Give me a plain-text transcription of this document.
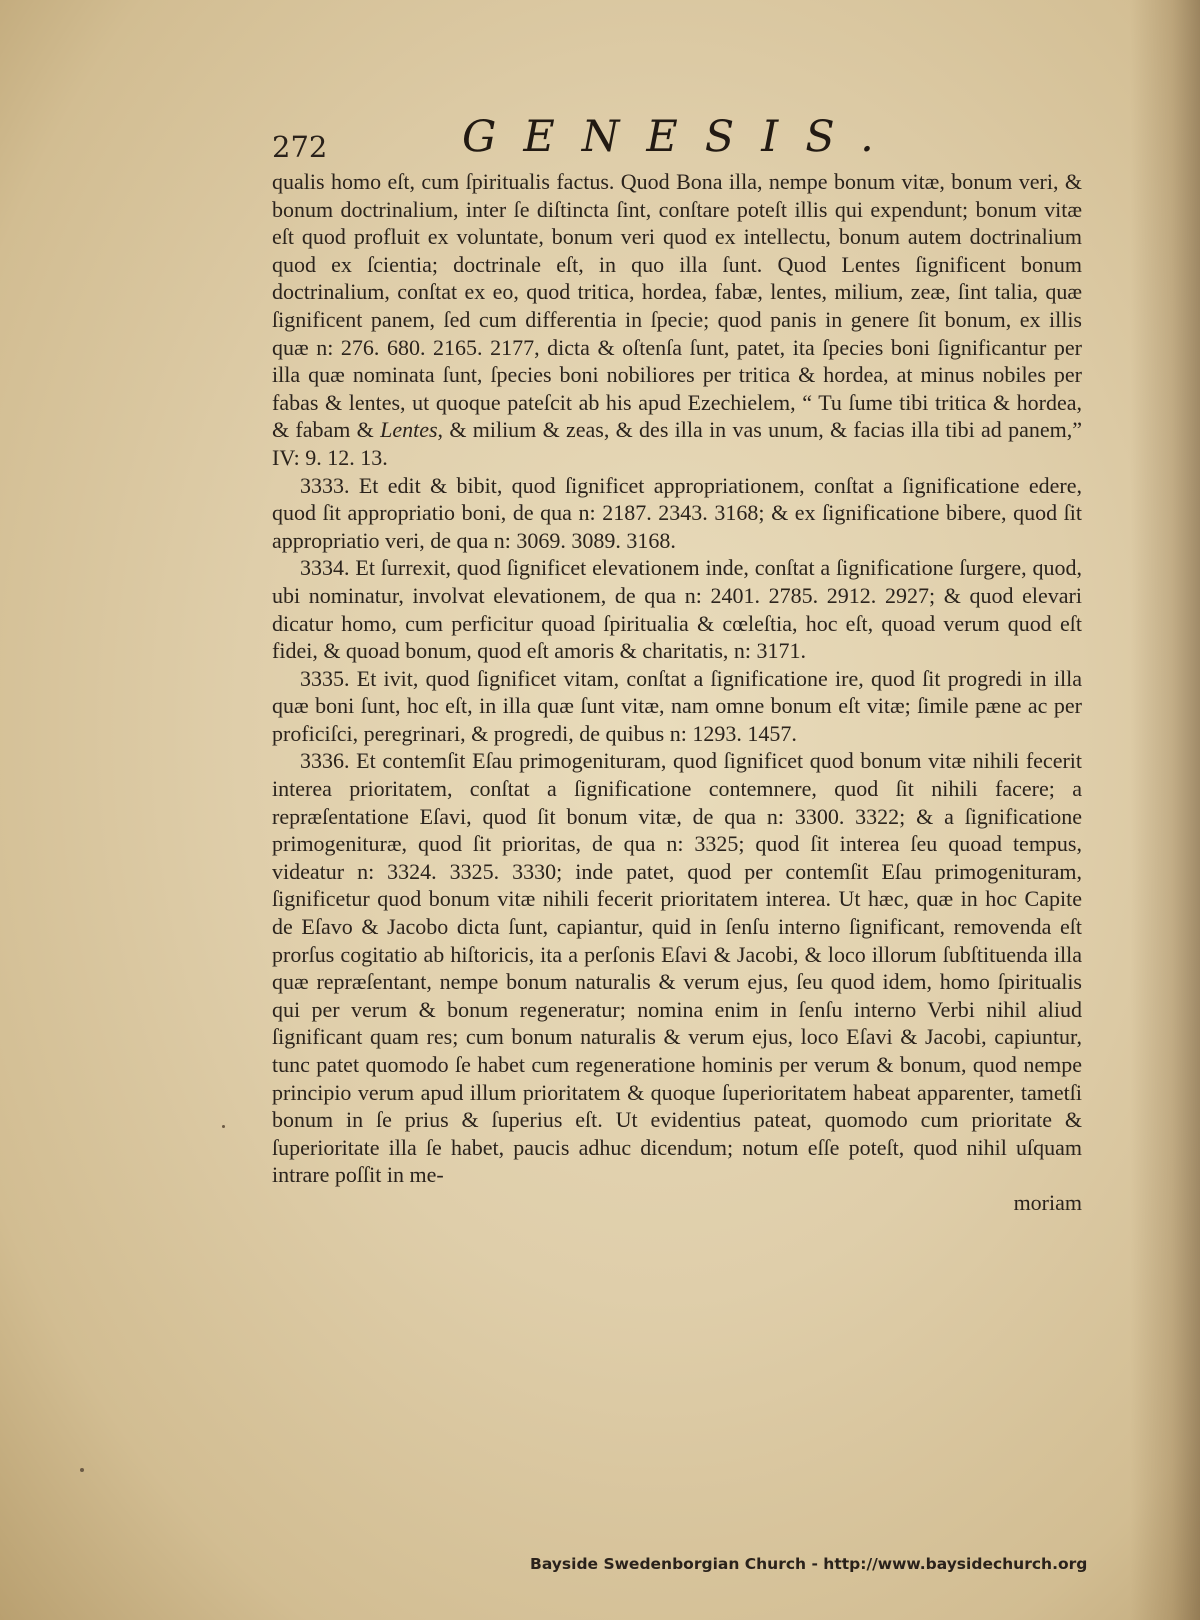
272	GENESIS.

qualis homo eſt, cum ſpiritualis factus. Quod Bona illa, nempe bonum vitæ, bonum veri, & bonum doctrinalium, inter ſe diſtincta ſint, conſtare poteſt illis qui expendunt; bonum vitæ eſt quod profluit ex voluntate, bonum veri quod ex intellectu, bonum autem doctrinalium quod ex ſcientia; doctrinale eſt, in quo illa ſunt. Quod Lentes ſignificent bonum doctrinalium, conſtat ex eo, quod tritica, hordea, fabæ, lentes, milium, zeæ, ſint talia, quæ ſignificent panem, ſed cum differentia in ſpecie; quod panis in genere ſit bonum, ex illis quæ n: 276. 680. 2165. 2177, dicta & oſtenſa ſunt, patet, ita ſpecies boni ſignificantur per illa quæ nominata ſunt, ſpecies boni nobiliores per tritica & hordea, at minus nobiles per fabas & lentes, ut quoque pateſcit ab his apud Ezechielem, “ Tu ſume tibi tritica & hordea, & fabam & Lentes, & milium & zeas, & des illa in vas unum, & facias illa tibi ad panem,” IV: 9. 12. 13.

3333. Et edit & bibit, quod ſignificet appropriationem, conſtat a ſignificatione edere, quod ſit appropriatio boni, de qua n: 2187. 2343. 3168; & ex ſignificatione bibere, quod ſit appropriatio veri, de qua n: 3069. 3089. 3168.

3334. Et ſurrexit, quod ſignificet elevationem inde, conſtat a ſignificatione ſurgere, quod, ubi nominatur, involvat elevationem, de qua n: 2401. 2785. 2912. 2927; & quod elevari dicatur homo, cum perficitur quoad ſpiritualia & cœleſtia, hoc eſt, quoad verum quod eſt fidei, & quoad bonum, quod eſt amoris & charitatis, n: 3171.

3335. Et ivit, quod ſignificet vitam, conſtat a ſignificatione ire, quod ſit progredi in illa quæ boni ſunt, hoc eſt, in illa quæ ſunt vitæ, nam omne bonum eſt vitæ; ſimile pæne ac per proficiſci, peregrinari, & progredi, de quibus n: 1293. 1457.

3336. Et contemſit Eſau primogenituram, quod ſignificet quod bonum vitæ nihili fecerit interea prioritatem, conſtat a ſignificatione contemnere, quod ſit nihili facere; a repræſentatione Eſavi, quod ſit bonum vitæ, de qua n: 3300. 3322; & a ſignificatione primogenituræ, quod ſit prioritas, de qua n: 3325; quod ſit interea ſeu quoad tempus, videatur n: 3324. 3325. 3330; inde patet, quod per contemſit Eſau primogenituram, ſignificetur quod bonum vitæ nihili fecerit prioritatem interea. Ut hæc, quæ in hoc Capite de Eſavo & Jacobo dicta ſunt, capiantur, quid in ſenſu interno ſignificant, removenda eſt prorſus cogitatio ab hiſtoricis, ita a perſonis Eſavi & Jacobi, & loco illorum ſubſtituenda illa quæ repræſentant, nempe bonum naturalis & verum ejus, ſeu quod idem, homo ſpiritualis qui per verum & bonum regeneratur; nomina enim in ſenſu interno Verbi nihil aliud ſignificant quam res; cum bonum naturalis & verum ejus, loco Eſavi & Jacobi, capiuntur, tunc patet quomodo ſe habet cum regeneratione hominis per verum & bonum, quod nempe principio verum apud illum prioritatem & quoque ſuperioritatem habeat apparenter, tametſi bonum in ſe prius & ſuperius eſt. Ut evidentius pateat, quomodo cum prioritate & ſuperioritate illa ſe habet, paucis adhuc dicendum; notum eſſe poteſt, quod nihil uſquam intrare poſſit in me-
moriam

Bayside Swedenborgian Church - http://www.baysidechurch.org
